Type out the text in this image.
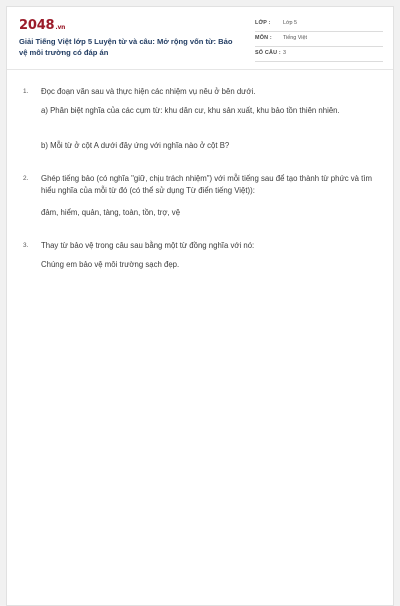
2048.vn
Giải Tiếng Việt lớp 5 Luyện từ và câu: Mở rộng vốn từ: Bảo vệ môi trường có đáp án
LỚP : Lớp 5
MÔN : Tiếng Việt
SỐ CÂU : 3
1. Đọc đoạn văn sau và thực hiện các nhiệm vụ nêu ở bên dưới.
a) Phân biệt nghĩa của các cụm từ: khu dân cư, khu sản xuất, khu bảo tồn thiên nhiên.
b) Mỗi từ ở cột A dưới đây ứng với nghĩa nào ở cột B?
2. Ghép tiếng bảo (có nghĩa "giữ, chịu trách nhiệm") với mỗi tiếng sau để tạo thành từ phức và tìm hiểu nghĩa của mỗi từ đó (có thể sử dụng Từ điển tiếng Việt)):
đảm, hiểm, quản, tàng, toàn, tồn, trợ, vệ
3. Thay từ bảo vệ trong câu sau bằng một từ đồng nghĩa với nó:
Chúng em bảo vệ môi trường sạch đẹp.
